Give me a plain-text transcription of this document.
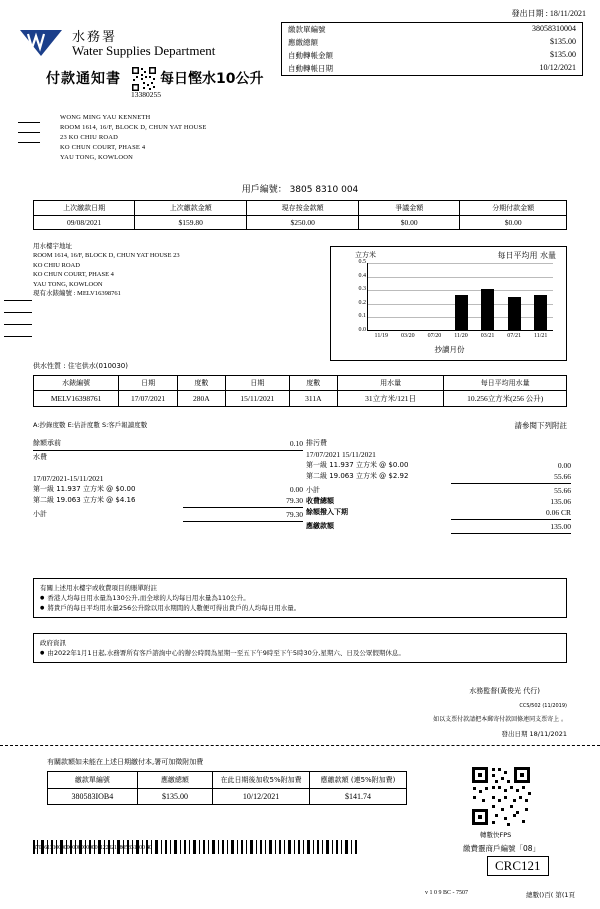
發出日期 : 18/11/2021
水務署
Water Supplies Department
付款通知書
13380255
每日慳水10公升
繳款單編號	38058310004
應繳總額	$135.00
自動轉帳金額	$135.00
自動轉帳日期	10/12/2021
WONG MING YAU KENNETH
ROOM 1614, 16/F, BLOCK D, CHUN YAT HOUSE
23 KO CHIU ROAD
KO CHUN COURT, PHASE 4
YAU TONG, KOWLOON
用戶編號： 3805 8310 004
上次繳款日期	上次繳款金額	現存按金款額	爭議金額	分期付款金額
09/08/2021	$159.80	$250.00	$0.00	$0.00
用水樓宇地址
ROOM 1614, 16/F, BLOCK D, CHUN YAT HOUSE 23
KO CHIU ROAD
KO CHUN COURT, PHASE 4
YAU TONG, KOWLOON
現有水錶編號 : MELV16398761
立方米	每日平均用 水量
0.0
0.1
0.2
0.3
0.4
0.5
11/19	03/20	07/20	11/20	03/21	07/21	11/21
抄讀月份
供水性質 : 住宅供水(010030)
水錶編號	日期	度數	日期	度數	用水量	每日平均用水量
MELV16398761	17/07/2021	280A	15/11/2021	311A	31立方米/121日	10.256立方米(256 公升)
A:抄錄度數 E:估計度數 S:客戶報讀度數	請參閱下列附註
餘額承前	0.10
水費
17/07/2021-15/11/2021
第一級 11.937 立方米 @ $0.00	0.00
第二級 19.063 立方米 @ $4.16	79.30
小計	79.30
排污費
17/07/2021 15/11/2021
第一級 11.937 立方米 @ $0.00	0.00
第二級 19.063 立方米 @ $2.92	55.66
小計	55.66
收費總額	135.06
餘額撥入下期	0.06 CR
應繳款額	135.00
有關上述用水樓宇或收費項目的賬單附註
● 香港人均每日用水量為130公升,而全球的人均每日用水量為110公升。
● 將貴戶的每日平均用水量256公升除以用水期間的人數便可得出貴戶的人均每日用水量。
政府資訊
● 由2022年1月1日起,水務署所有客戶諮詢中心的辦公時間為星期一至五下午9時至下午5時30分,星期六、日及公眾假期休息。
水務監督(黃俊光 代行)
CCS/502 (11/2019)
如以支票付款請把本郵寄付款回條連同支票寄上 。
發出日期 18/11/2021
有關款額如未能在上述日期繳付本,署可加徵附加費
繳款單編號	應繳總額	在此日期後加收5%附加費	應繳款額 (連5%附加費)
380583IOB4	$135.00	10/12/2021	$141.74
轉數快FPS
繳費靈商戶編號「08」
8704613100000000000000011220213805831000 40
CRC121
v 1 0 9 BC - 7507	總數()百( 第(1頁
